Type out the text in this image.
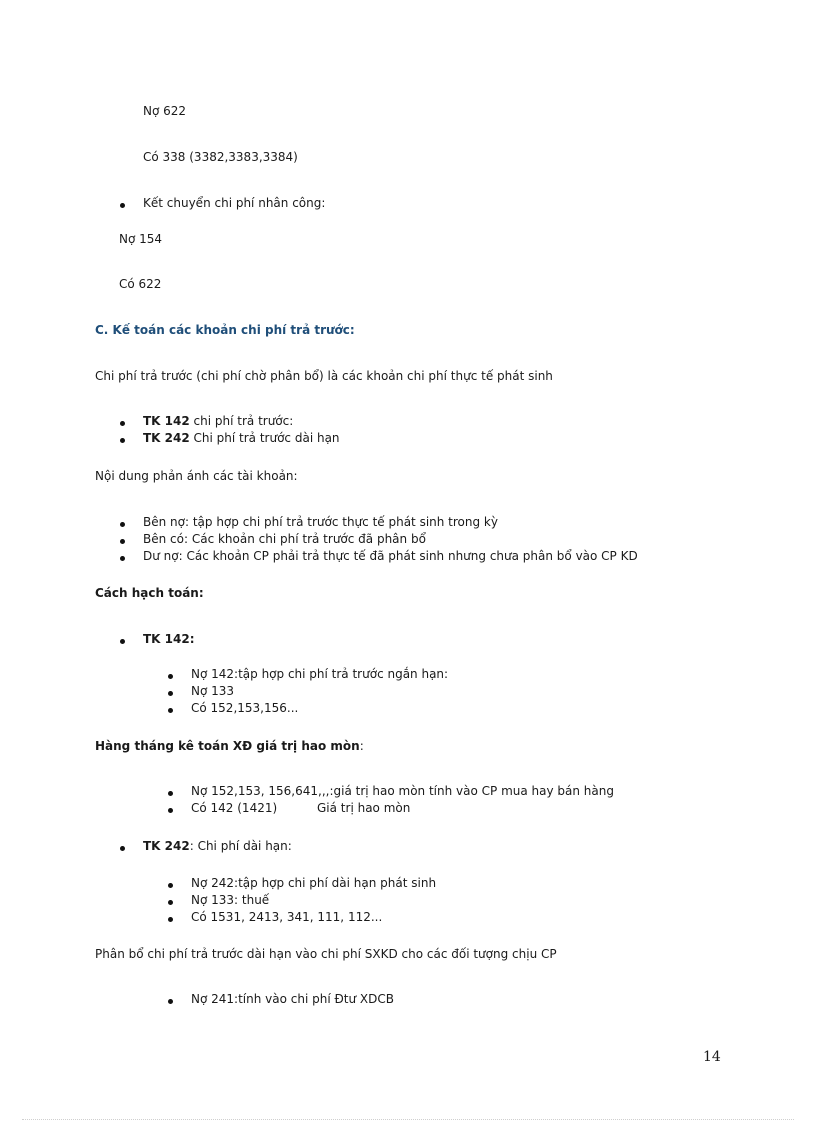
Nợ 622
Có 338 (3382,3383,3384)
Kết chuyển chi phí nhân công:
Nợ 154
Có 622
C. Kế toán các khoản chi phí trả trước:
Chi phí trả trước (chi phí chờ phân bổ) là các khoản chi phí thực tế phát sinh
TK 142 chi phí trả trước:
TK 242 Chi phí trả trước dài hạn
Nội dung phản ánh các tài khoản:
Bên nợ: tập hợp chi phí trả trước thực tế phát sinh trong kỳ
Bên có: Các khoản chi phí trả trước đã phân bổ
Dư nợ: Các khoản CP phải trả thực tế đã phát sinh nhưng chưa phân bổ vào CP KD
Cách hạch toán:
TK 142:
Nợ 142:tập hợp chi phí trả trước ngắn hạn:
Nợ 133
Có 152,153,156...
Hàng tháng kê toán XĐ giá trị hao mòn:
Nợ 152,153, 156,641,,,:giá trị hao mòn tính vào CP mua hay bán hàng
Có 142 (1421)	Giá trị hao mòn
TK 242: Chi phí dài hạn:
Nợ 242:tập hợp chi phí dài hạn phát sinh
Nợ 133: thuế
Có 1531, 2413, 341, 111, 112...
Phân bổ chi phí trả trước dài hạn vào chi phí SXKD cho các đối tượng chịu CP
Nợ 241:tính vào chi phí Đtư XDCB
14
